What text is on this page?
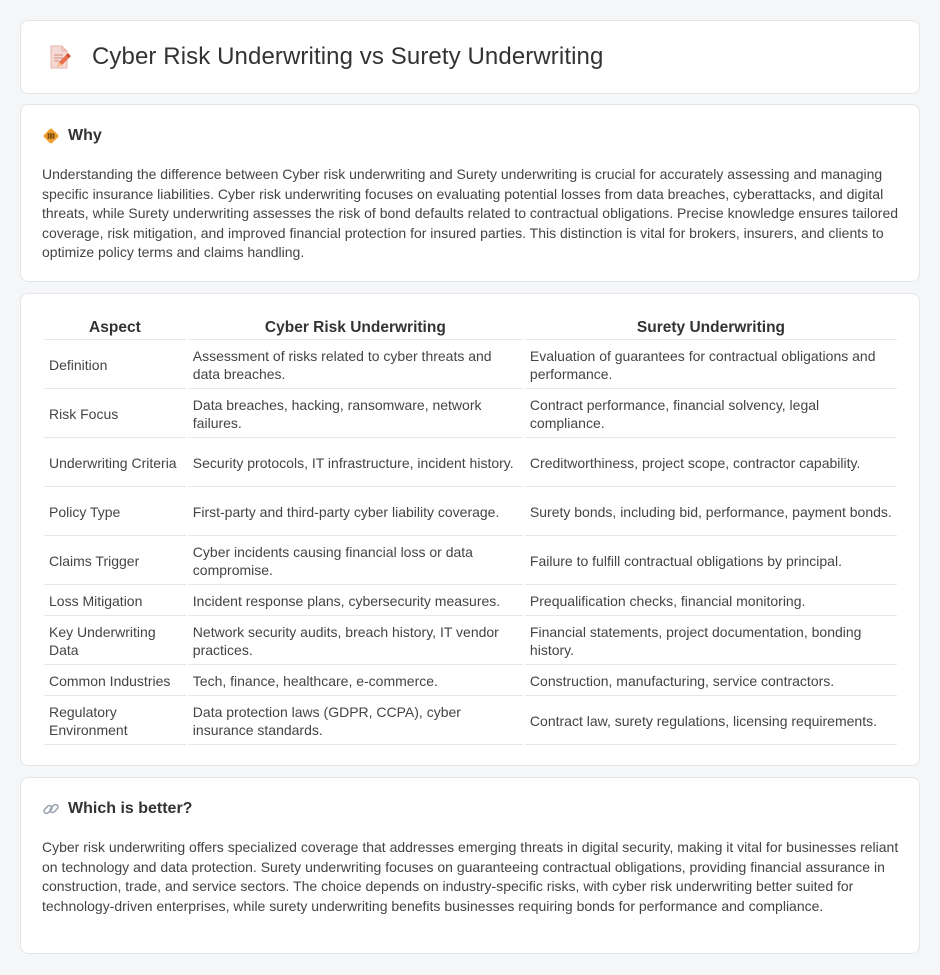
Cyber Risk Underwriting vs Surety Underwriting
Why

Understanding the difference between Cyber risk underwriting and Surety underwriting is crucial for accurately assessing and managing specific insurance liabilities. Cyber risk underwriting focuses on evaluating potential losses from data breaches, cyberattacks, and digital threats, while Surety underwriting assesses the risk of bond defaults related to contractual obligations. Precise knowledge ensures tailored coverage, risk mitigation, and improved financial protection for insured parties. This distinction is vital for brokers, insurers, and clients to optimize policy terms and claims handling.

Aspect	Cyber Risk Underwriting	Surety Underwriting
Definition	Assessment of risks related to cyber threats and data breaches.	Evaluation of guarantees for contractual obligations and performance.
Risk Focus	Data breaches, hacking, ransomware, network failures.	Contract performance, financial solvency, legal compliance.
Underwriting Criteria	Security protocols, IT infrastructure, incident history.	Creditworthiness, project scope, contractor capability.
Policy Type	First-party and third-party cyber liability coverage.	Surety bonds, including bid, performance, payment bonds.
Claims Trigger	Cyber incidents causing financial loss or data compromise.	Failure to fulfill contractual obligations by principal.
Loss Mitigation	Incident response plans, cybersecurity measures.	Prequalification checks, financial monitoring.
Key Underwriting Data	Network security audits, breach history, IT vendor practices.	Financial statements, project documentation, bonding history.
Common Industries	Tech, finance, healthcare, e-commerce.	Construction, manufacturing, service contractors.
Regulatory Environment	Data protection laws (GDPR, CCPA), cyber insurance standards.	Contract law, surety regulations, licensing requirements.
Which is better?

Cyber risk underwriting offers specialized coverage that addresses emerging threats in digital security, making it vital for businesses reliant on technology and data protection. Surety underwriting focuses on guaranteeing contractual obligations, providing financial assurance in construction, trade, and service sectors. The choice depends on industry-specific risks, with cyber risk underwriting better suited for technology-driven enterprises, while surety underwriting benefits businesses requiring bonds for performance and compliance.
